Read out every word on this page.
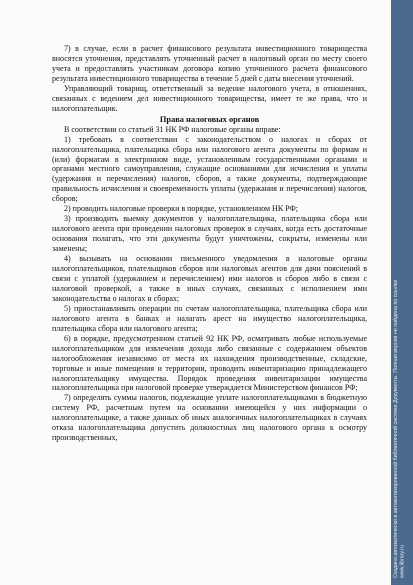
7) в случае, если в расчет финансового результата инвестиционного товарищества вносятся уточнения, представлять уточненный расчет в налоговый орган по месту своего учета и предоставлять участникам договора копию уточненного расчета финансового результата инвестиционного товарищества в течение 5 дней с даты внесения уточнений.

Управляющий товарищ, ответственный за ведение налогового учета, в отношениях, связанных с ведением дел инвестиционного товарищества, имеет те же права, что и налогоплательщик.

Права налоговых органов

В соответствии со статьей 31 НК РФ налоговые органы вправе:

1) требовать в соответствии с законодательством о налогах и сборах от налогоплательщика, плательщика сбора или налогового агента документы по формам и (или) форматам в электронном виде, установленным государственными органами и органами местного самоуправления, служащие основаниями для исчисления и уплаты (удержания и перечисления) налогов, сборов, а также документы, подтверждающие правильность исчисления и своевременность уплаты (удержания и перечисления) налогов, сборов;

2) проводить налоговые проверки в порядке, установленном НК РФ;

3) производить выемку документов у налогоплательщика, плательщика сбора или налогового агента при проведении налоговых проверок в случаях, когда есть достаточные основания полагать, что эти документы будут уничтожены, сокрыты, изменены или заменены;

4) вызывать на основании письменного уведомления в налоговые органы налогоплательщиков, плательщиков сборов или налоговых агентов для дачи пояснений в связи с уплатой (удержанием и перечислением) ими налогов и сборов либо в связи с налоговой проверкой, а также в иных случаях, связанных с исполнением ими законодательства о налогах и сборах;

5) приостанавливать операции по счетам налогоплательщика, плательщика сбора или налогового агента в банках и налагать арест на имущество налогоплательщика, плательщика сбора или налогового агента;

6) в порядке, предусмотренном статьей 92 НК РФ, осматривать любые используемые налогоплательщиком для извлечения дохода либо связанные с содержанием объектов налогообложения независимо от места их нахождения производственные, складские, торговые и иные помещения и территории, проводить инвентаризацию принадлежащего налогоплательщику имущества. Порядок проведения инвентаризации имущества налогоплательщика при налоговой проверке утверждается Министерством финансов РФ;

7) определять суммы налогов, подлежащие уплате налогоплательщиками в бюджетную систему РФ, расчетным путем на основании имеющейся у них информации о налогоплательщике, а также данных об иных аналогичных налогоплательщиках в случаях отказа налогоплательщика допустить должностных лиц налогового органа к осмотру производственных,	Создано автоматически в автоматизированной библиотечной системе Документы. Полная версия не найдена по ссылке www.library.ru
